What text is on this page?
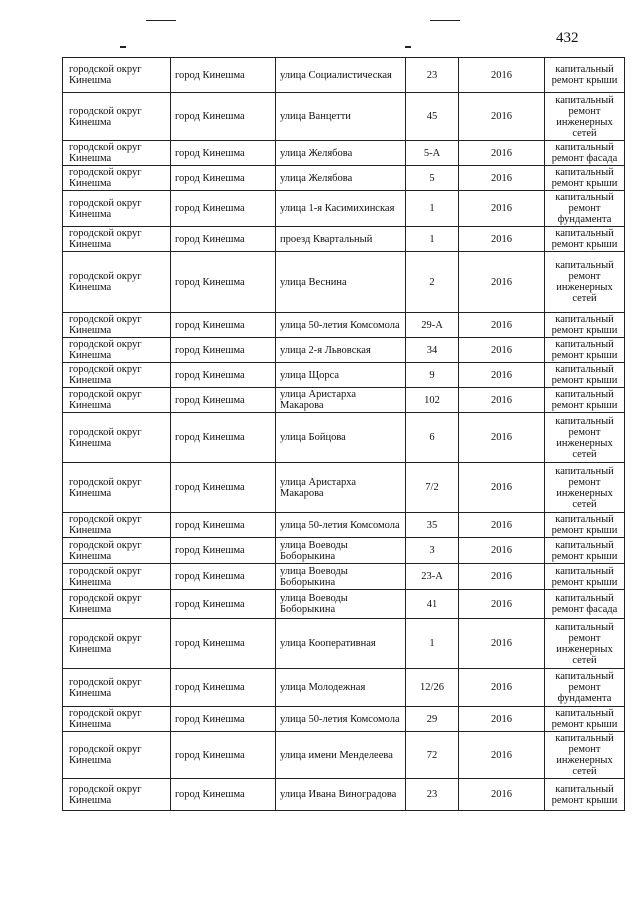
432
городской округ Кинешма	город Кинешма	улица Социалистическая	23	2016	капитальный ремонт крыши
городской округ Кинешма	город Кинешма	улица Ванцетти	45	2016	капитальный ремонт инженерных сетей
городской округ Кинешма	город Кинешма	улица Желябова	5-А	2016	капитальный ремонт фасада
городской округ Кинешма	город Кинешма	улица Желябова	5	2016	капитальный ремонт крыши
городской округ Кинешма	город Кинешма	улица 1-я Касимихинская	1	2016	капитальный ремонт фундамента
городской округ Кинешма	город Кинешма	проезд Квартальный	1	2016	капитальный ремонт крыши
городской округ Кинешма	город Кинешма	улица Веснина	2	2016	капитальный ремонт инженерных сетей
городской округ Кинешма	город Кинешма	улица 50-летия Комсомола	29-А	2016	капитальный ремонт крыши
городской округ Кинешма	город Кинешма	улица 2-я Львовская	34	2016	капитальный ремонт крыши
городской округ Кинешма	город Кинешма	улица Щорса	9	2016	капитальный ремонт крыши
городской округ Кинешма	город Кинешма	улица Аристарха Макарова	102	2016	капитальный ремонт крыши
городской округ Кинешма	город Кинешма	улица Бойцова	6	2016	капитальный ремонт инженерных сетей
городской округ Кинешма	город Кинешма	улица Аристарха Макарова	7/2	2016	капитальный ремонт инженерных сетей
городской округ Кинешма	город Кинешма	улица 50-летия Комсомола	35	2016	капитальный ремонт крыши
городской округ Кинешма	город Кинешма	улица Воеводы Боборыкина	3	2016	капитальный ремонт крыши
городской округ Кинешма	город Кинешма	улица Воеводы Боборыкина	23-А	2016	капитальный ремонт крыши
городской округ Кинешма	город Кинешма	улица Воеводы Боборыкина	41	2016	капитальный ремонт фасада
городской округ Кинешма	город Кинешма	улица Кооперативная	1	2016	капитальный ремонт инженерных сетей
городской округ Кинешма	город Кинешма	улица Молодежная	12/26	2016	капитальный ремонт фундамента
городской округ Кинешма	город Кинешма	улица 50-летия Комсомола	29	2016	капитальный ремонт крыши
городской округ Кинешма	город Кинешма	улица имени Менделеева	72	2016	капитальный ремонт инженерных сетей
городской округ Кинешма	город Кинешма	улица Ивана Виноградова	23	2016	капитальный ремонт крыши
